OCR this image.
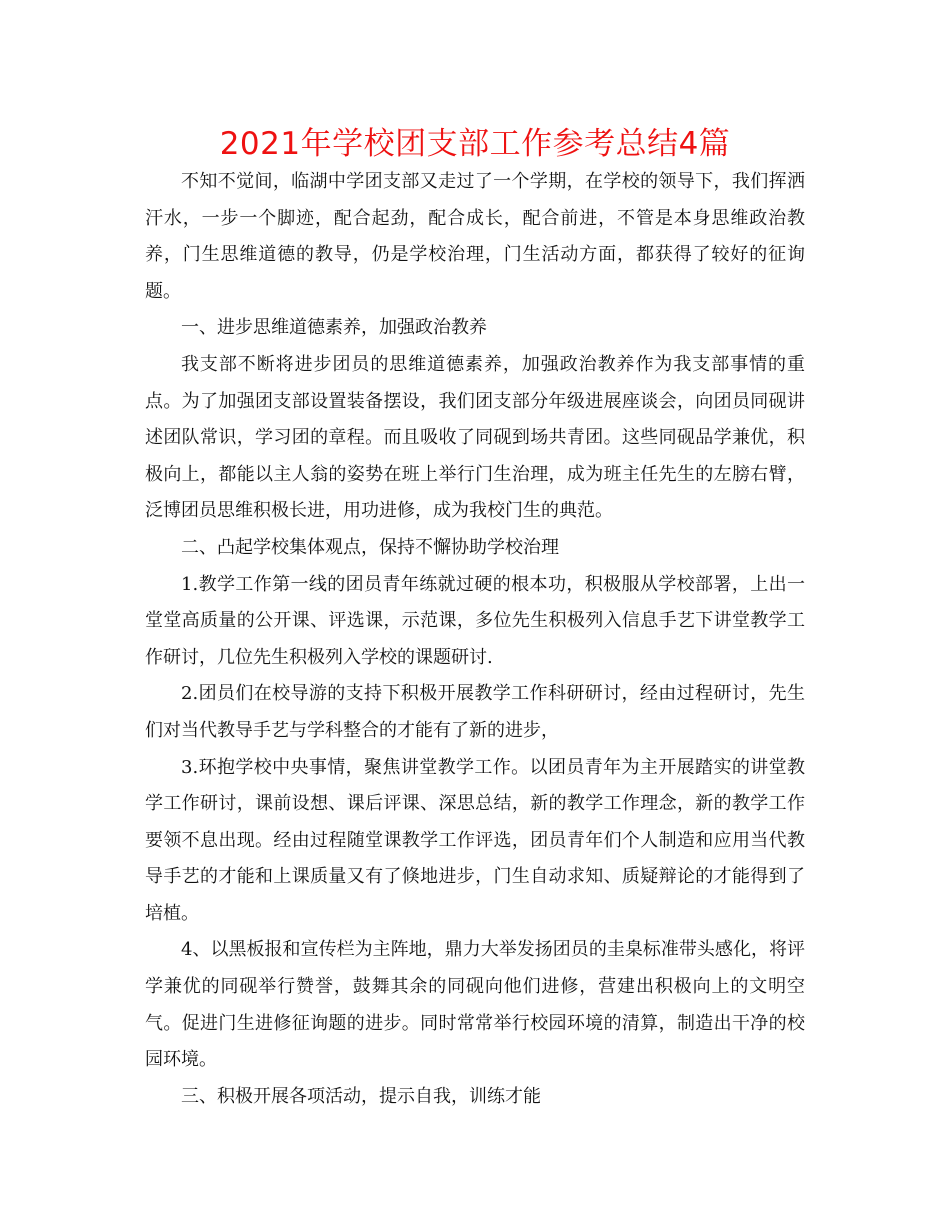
2021年学校团支部工作参考总结4篇

不知不觉间，临湖中学团支部又走过了一个学期，在学校的领导下，我们挥洒汗水，一步一个脚迹，配合起劲，配合成长，配合前进，不管是本身思维政治教养，门生思维道德的教导，仍是学校治理，门生活动方面，都获得了较好的征询题。

一、进步思维道德素养，加强政治教养

我支部不断将进步团员的思维道德素养，加强政治教养作为我支部事情的重点。为了加强团支部设置装备摆设，我们团支部分年级进展座谈会，向团员同砚讲述团队常识，学习团的章程。而且吸收了同砚到场共青团。这些同砚品学兼优，积极向上，都能以主人翁的姿势在班上举行门生治理，成为班主任先生的左膀右臂，泛博团员思维积极长进，用功进修，成为我校门生的典范。

二、凸起学校集体观点，保持不懈协助学校治理

1.教学工作第一线的团员青年练就过硬的根本功，积极服从学校部署，上出一堂堂高质量的公开课、评选课，示范课，多位先生积极列入信息手艺下讲堂教学工作研讨，几位先生积极列入学校的课题研讨.

2.团员们在校导游的支持下积极开展教学工作科研研讨，经由过程研讨，先生们对当代教导手艺与学科整合的才能有了新的进步，

3.环抱学校中央事情，聚焦讲堂教学工作。以团员青年为主开展踏实的讲堂教学工作研讨，课前设想、课后评课、深思总结，新的教学工作理念，新的教学工作要领不息出现。经由过程随堂课教学工作评选，团员青年们个人制造和应用当代教导手艺的才能和上课质量又有了倏地进步，门生自动求知、质疑辩论的才能得到了培植。

4、以黑板报和宣传栏为主阵地，鼎力大举发扬团员的圭臬标准带头感化，将评学兼优的同砚举行赞誉，鼓舞其余的同砚向他们进修，营建出积极向上的文明空气。促进门生进修征询题的进步。同时常常举行校园环境的清算，制造出干净的校园环境。

三、积极开展各项活动，提示自我，训练才能
